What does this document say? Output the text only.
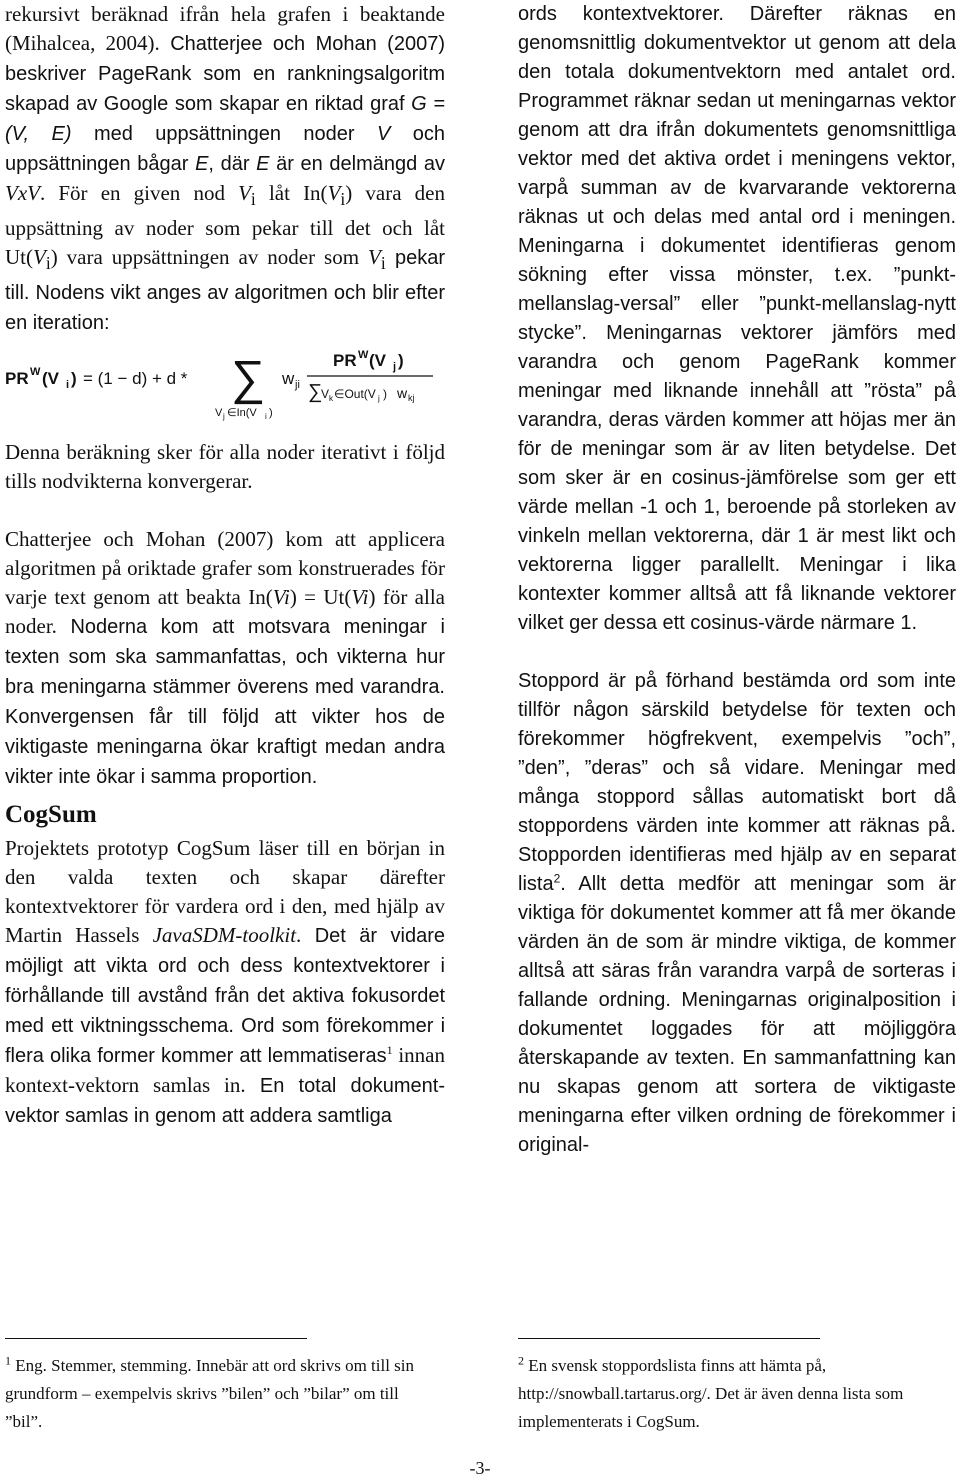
rekursivt beräknad ifrån hela grafen i beaktande (Mihalcea, 2004). Chatterjee och Mohan (2007) beskriver PageRank som en rankningsalgoritm skapad av Google som skapar en riktad graf G = (V, E) med uppsättningen noder V och uppsättningen bågar E, där E är en delmängd av VxV. För en given nod $V_i$ låt $In(V_i)$ vara den uppsättning av noder som pekar till det och låt $Ut(V_i)$ vara uppsättningen av noder som $V_i$ pekar till. Nodens vikt anges av algoritmen och blir efter en iteration:

PR W (V i ) = (1 − d) + d * ∑
V j ∈In(V i )
w ji
PR W (V j )
∑
V k ∈Out(V j ) w kj

Denna beräkning sker för alla noder iterativt i följd tills nodvikterna konvergerar.

Chatterjee och Mohan (2007) kom att applicera algoritmen på oriktade grafer som konstruerades för varje text genom att beakta In(Vi) = Ut(Vi) för alla noder. Noderna kom att motsvara meningar i texten som ska sammanfattas, och vikterna hur bra meningarna stämmer överens med varandra. Konvergensen får till följd att vikter hos de viktigaste meningarna ökar kraftigt medan andra vikter inte ökar i samma proportion.

CogSum

Projektets prototyp CogSum läser till en början in den valda texten och skapar därefter kontextvektorer för vardera ord i den, med hjälp av Martin Hassels JavaSDM-toolkit. Det är vidare möjligt att vikta ord och dess kontextvektorer i förhållande till avstånd från det aktiva fokusordet med ett viktningsschema. Ord som förekommer i flera olika former kommer att lemmatiseras$^1$ innan kontext-vektorn samlas in. En total dokument-vektor samlas in genom att addera samtliga

ords kontextvektorer. Därefter räknas en genomsnittlig dokumentvektor ut genom att dela den totala dokumentvektorn med antalet ord. Programmet räknar sedan ut meningarnas vektor genom att dra ifrån dokumentets genomsnittliga vektor med det aktiva ordet i meningens vektor, varpå summan av de kvarvarande vektorerna räknas ut och delas med antal ord i meningen. Meningarna i dokumentet identifieras genom sökning efter vissa mönster, t.ex. ”punkt-mellanslag-versal” eller ”punkt-mellanslag-nytt stycke”. Meningarnas vektorer jämförs med varandra och genom PageRank kommer meningar med liknande innehåll att ”rösta” på varandra, deras värden kommer att höjas mer än för de meningar som är av liten betydelse. Det som sker är en cosinus-jämförelse som ger ett värde mellan -1 och 1, beroende på storleken av vinkeln mellan vektorerna, där 1 är mest likt och vektorerna ligger parallellt. Meningar i lika kontexter kommer alltså att få liknande vektorer vilket ger dessa ett cosinus-värde närmare 1.

Stoppord är på förhand bestämda ord som inte tillför någon särskild betydelse för texten och förekommer högfrekvent, exempelvis ”och”, ”den”, ”deras” och så vidare. Meningar med många stoppord sållas automatiskt bort då stoppordens värden inte kommer att räknas på. Stopporden identifieras med hjälp av en separat lista$^2$. Allt detta medför att meningar som är viktiga för dokumentet kommer att få mer ökande värden än de som är mindre viktiga, de kommer alltså att säras från varandra varpå de sorteras i fallande ordning. Meningarnas originalposition i dokumentet loggades för att möjliggöra återskapande av texten. En sammanfattning kan nu skapas genom att sortera de viktigaste meningarna efter vilken ordning de förekommer i original-

$^1$ Eng. Stemmer, stemming. Innebär att ord skrivs om till sin grundform – exempelvis skrivs ”bilen” och ”bilar” om till ”bil”.
$^2$ En svensk stoppordslista finns att hämta på, http://snowball.tartarus.org/. Det är även denna lista som implementerats i CogSum.
-3-
